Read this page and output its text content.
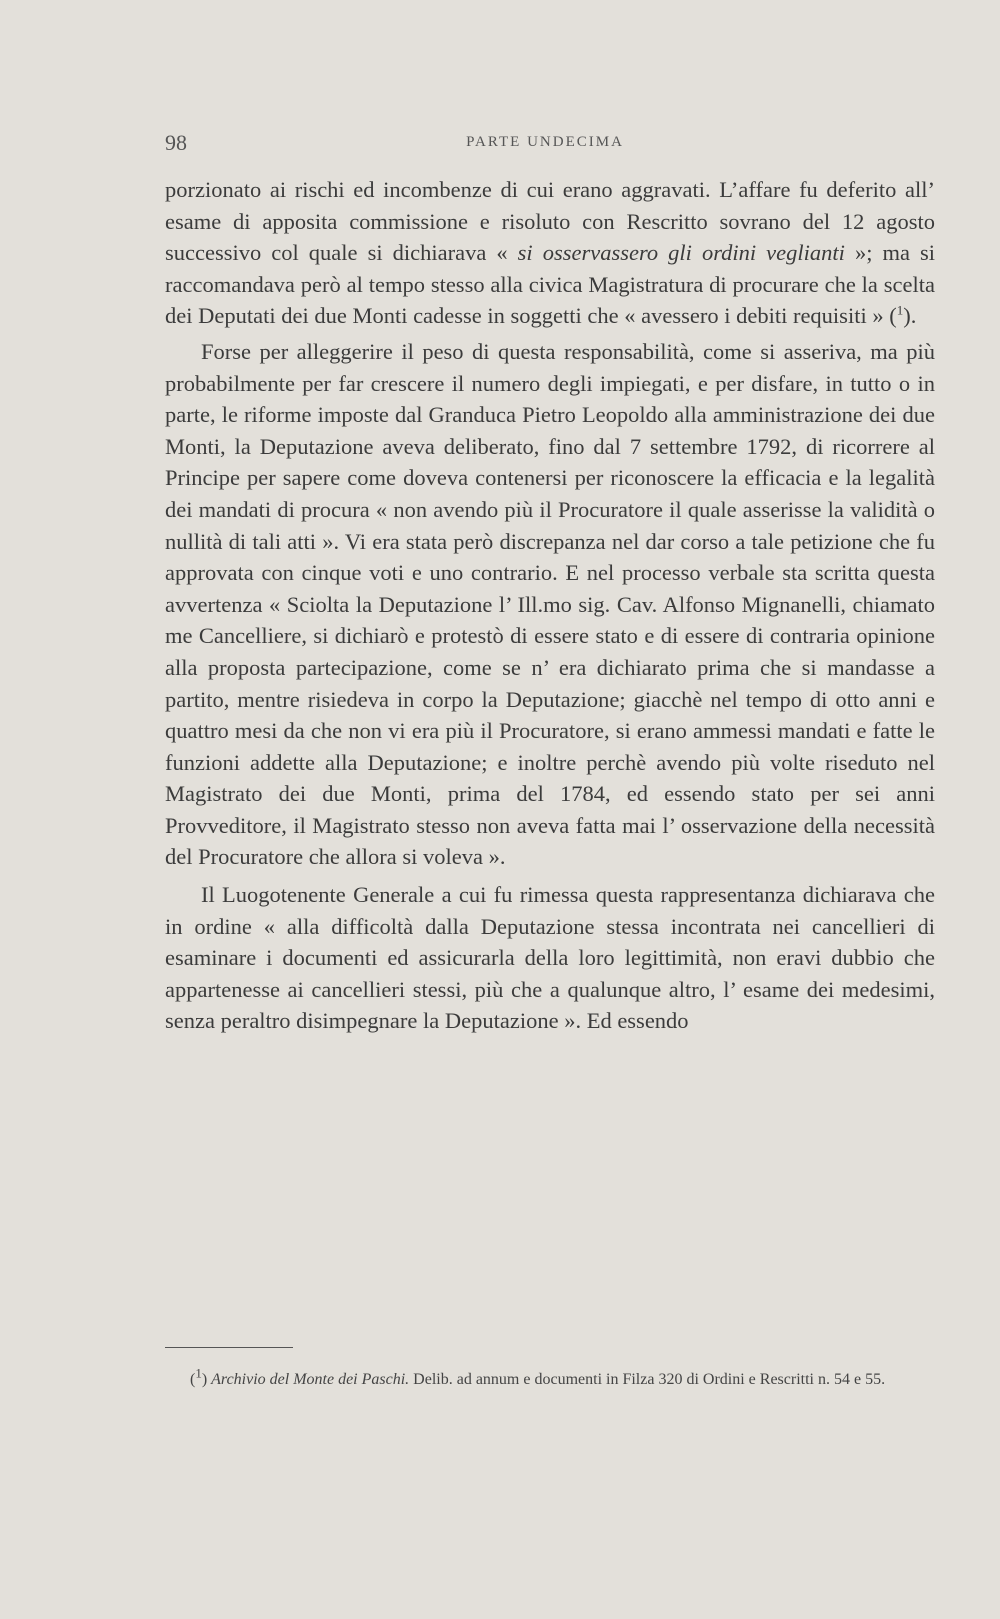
98	PARTE UNDECIMA

porzionato ai rischi ed incombenze di cui erano aggravati. L’affare fu deferito all’ esame di apposita commissione e risoluto con Rescritto sovrano del 12 agosto successivo col quale si dichiarava « si osservassero gli ordini veglianti »; ma si raccomandava però al tempo stesso alla civica Magistratura di procurare che la scelta dei Deputati dei due Monti cadesse in soggetti che « avessero i debiti requisiti » ($^1$).

Forse per alleggerire il peso di questa responsabilità, come si asseriva, ma più probabilmente per far crescere il numero degli impiegati, e per disfare, in tutto o in parte, le riforme imposte dal Granduca Pietro Leopoldo alla amministrazione dei due Monti, la Deputazione aveva deliberato, fino dal 7 settembre 1792, di ricorrere al Principe per sapere come doveva contenersi per riconoscere la efficacia e la legalità dei mandati di procura « non avendo più il Procuratore il quale asserisse la validità o nullità di tali atti ». Vi era stata però discrepanza nel dar corso a tale petizione che fu approvata con cinque voti e uno contrario. E nel processo verbale sta scritta questa avvertenza « Sciolta la Deputazione l’ Ill.mo sig. Cav. Alfonso Mignanelli, chiamato me Cancelliere, si dichiarò e protestò di essere stato e di essere di contraria opinione alla proposta partecipazione, come se n’ era dichiarato prima che si mandasse a partito, mentre risiedeva in corpo la Deputazione; giacchè nel tempo di otto anni e quattro mesi da che non vi era più il Procuratore, si erano ammessi mandati e fatte le funzioni addette alla Deputazione; e inoltre perchè avendo più volte riseduto nel Magistrato dei due Monti, prima del 1784, ed essendo stato per sei anni Provveditore, il Magistrato stesso non aveva fatta mai l’ osservazione della necessità del Procuratore che allora si voleva ».

Il Luogotenente Generale a cui fu rimessa questa rappresentanza dichiarava che in ordine « alla difficoltà dalla Deputazione stessa incontrata nei cancellieri di esaminare i documenti ed assicurarla della loro legittimità, non eravi dubbio che appartenesse ai cancellieri stessi, più che a qualunque altro, l’ esame dei medesimi, senza peraltro disimpegnare la Deputazione ». Ed essendo

($^1$) Archivio del Monte dei Paschi. Delib. ad annum e documenti in Filza 320 di Ordini e Rescritti n. 54 e 55.
